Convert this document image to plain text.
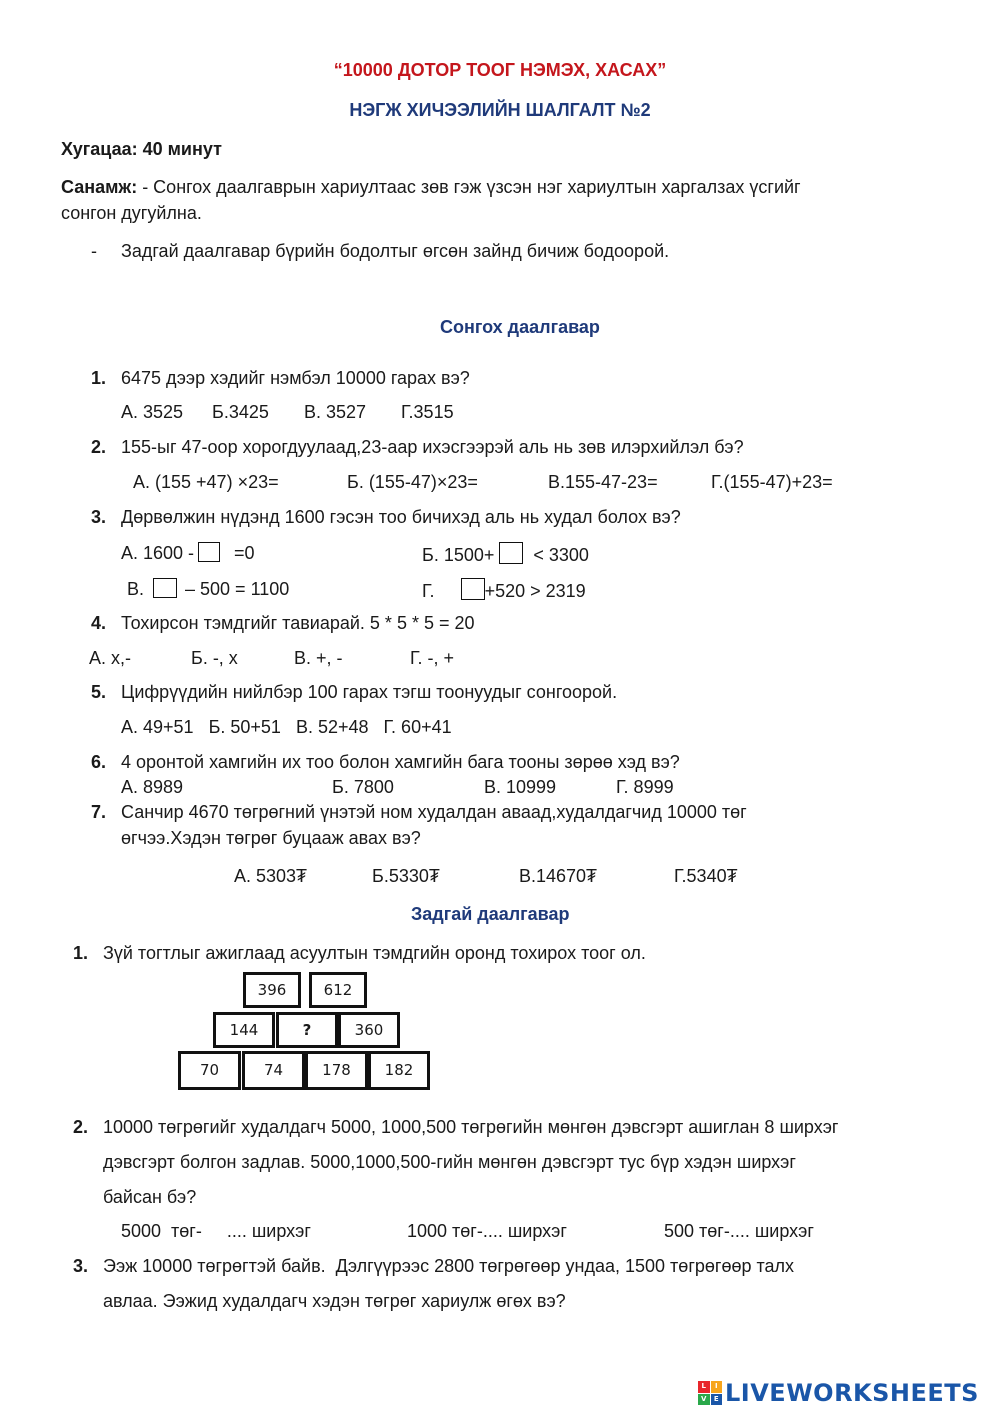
“10000 ДОТОР ТООГ НЭМЭХ, ХАСАХ”
НЭГЖ ХИЧЭЭЛИЙН ШАЛГАЛТ №2
Хугацаа: 40 минут
Санамж: - Сонгох даалгаврын хариултаас зөв гэж үзсэн нэг хариултын харгалзах үсгийг
сонгон дугуйлна.
- Задгай даалгавар бүрийн бодолтыг өгсөн зайнд бичиж бодоорой.
Сонгох даалгавар
1. 6475 дээр хэдийг нэмбэл 10000 гарах вэ?
А. 3525 Б.3425 В. 3527 Г.3515
2. 155-ыг 47-оор хорогдуулаад,23-аар ихэсгээрэй аль нь зөв илэрхийлэл бэ?
А. (155 +47) ×23=	Б. (155-47)×23=	В.155-47-23=	Г.(155-47)+23=
3. Дөрвөлжин нүдэнд 1600 гэсэн тоо бичихэд аль нь худал болох вэ?
А. 1600 - =0	Б. 1500+ < 3300
В. – 500 = 1100	Г.	+520 > 2319
4. Тохирсон тэмдгийг тавиарай. 5 * 5 * 5 = 20
А. х,-	Б. -, х	В. +, -	Г. -, +
5. Цифрүүдийн нийлбэр 100 гарах тэгш тоонуудыг сонгоорой.
А. 49+51   Б. 50+51   В. 52+48   Г. 60+41
6. 4 оронтой хамгийн их тоо болон хамгийн бага тооны зөрөө хэд вэ?
А. 8989	Б. 7800	В. 10999	Г. 8999
7. Санчир 4670 төгрөгний үнэтэй ном худалдан аваад,худалдагчид 10000 төг
өгчээ.Хэдэн төгрөг буцааж авах вэ?
А. 5303₮	Б.5330₮	В.14670₮	Г.5340₮
Задгай даалгавар
1. Зүй тогтлыг ажиглаад асуултын тэмдгийн оронд тохирох тоог ол.
396	612
144	?	360
70	74	178	182
2. 10000 төгрөгийг худалдагч 5000, 1000,500 төгрөгийн мөнгөн дэвсгэрт ашиглан 8 ширхэг
дэвсгэрт болгон задлав. 5000,1000,500-гийн мөнгөн дэвсгэрт тус бүр хэдэн ширхэг
байсан бэ?
5000  төг-     .... ширхэг	1000 төг-.... ширхэг	500 төг-.... ширхэг
3. Ээж 10000 төгрөгтэй байв.  Дэлгүүрээс 2800 төгрөгөөр ундаа, 1500 төгрөгөөр талх
авлаа. Ээжид худалдагч хэдэн төгрөг хариулж өгөх вэ?
L	I
V	E LIVEWORKSHEETS
